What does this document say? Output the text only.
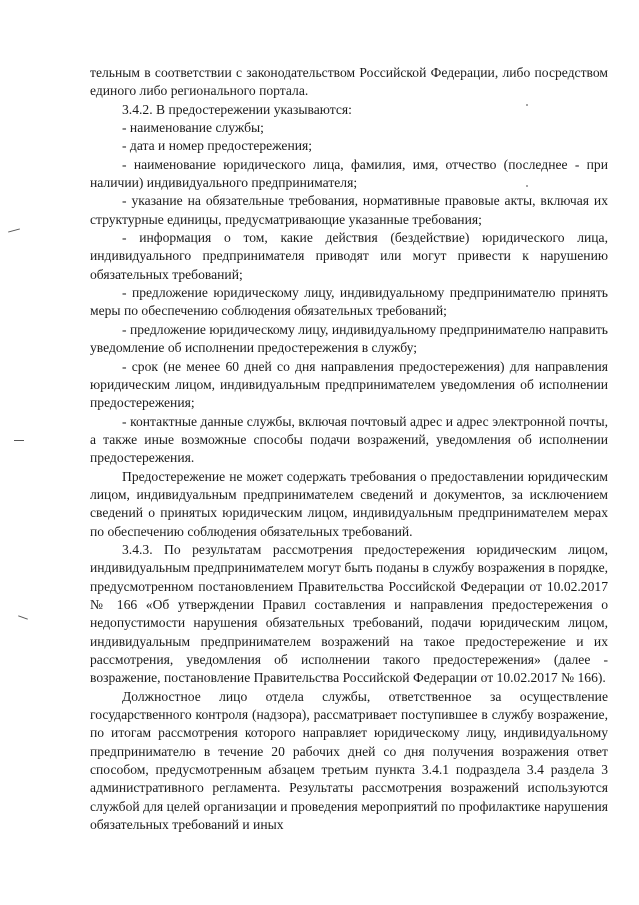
тельным в соответствии с законодательством Российской Федерации, либо посредством единого либо регионального портала.

3.4.2. В предостережении указываются:

- наименование службы;

- дата и номер предостережения;

- наименование юридического лица, фамилия, имя, отчество (последнее - при наличии) индивидуального предпринимателя;

- указание на обязательные требования, нормативные правовые акты, включая их структурные единицы, предусматривающие указанные требования;

- информация о том, какие действия (бездействие) юридического лица, индивидуального предпринимателя приводят или могут привести к нарушению обязательных требований;

- предложение юридическому лицу, индивидуальному предпринимателю принять меры по обеспечению соблюдения обязательных требований;

- предложение юридическому лицу, индивидуальному предпринимателю направить уведомление об исполнении предостережения в службу;

- срок (не менее 60 дней со дня направления предостережения) для направления юридическим лицом, индивидуальным предпринимателем уведомления об исполнении предостережения;

- контактные данные службы, включая почтовый адрес и адрес электронной почты, а также иные возможные способы подачи возражений, уведомления об исполнении предостережения.

Предостережение не может содержать требования о предоставлении юридическим лицом, индивидуальным предпринимателем сведений и документов, за исключением сведений о принятых юридическим лицом, индивидуальным предпринимателем мерах по обеспечению соблюдения обязательных требований.

3.4.3. По результатам рассмотрения предостережения юридическим лицом, индивидуальным предпринимателем могут быть поданы в службу возражения в порядке, предусмотренном постановлением Правительства Российской Федерации от 10.02.2017 № 166 «Об утверждении Правил составления и направления предостережения о недопустимости нарушения обязательных требований, подачи юридическим лицом, индивидуальным предпринимателем возражений на такое предостережение и их рассмотрения, уведомления об исполнении такого предостережения» (далее - возражение, постановление Правительства Российской Федерации от 10.02.2017 № 166).

Должностное лицо отдела службы, ответственное за осуществление государственного контроля (надзора), рассматривает поступившее в службу возражение, по итогам рассмотрения которого направляет юридическому лицу, индивидуальному предпринимателю в течение 20 рабочих дней со дня получения возражения ответ способом, предусмотренным абзацем третьим пункта 3.4.1 подраздела 3.4 раздела 3 административного регламента. Результаты рассмотрения возражений используются службой для целей организации и проведения мероприятий по профилактике нарушения обязательных требований и иных
